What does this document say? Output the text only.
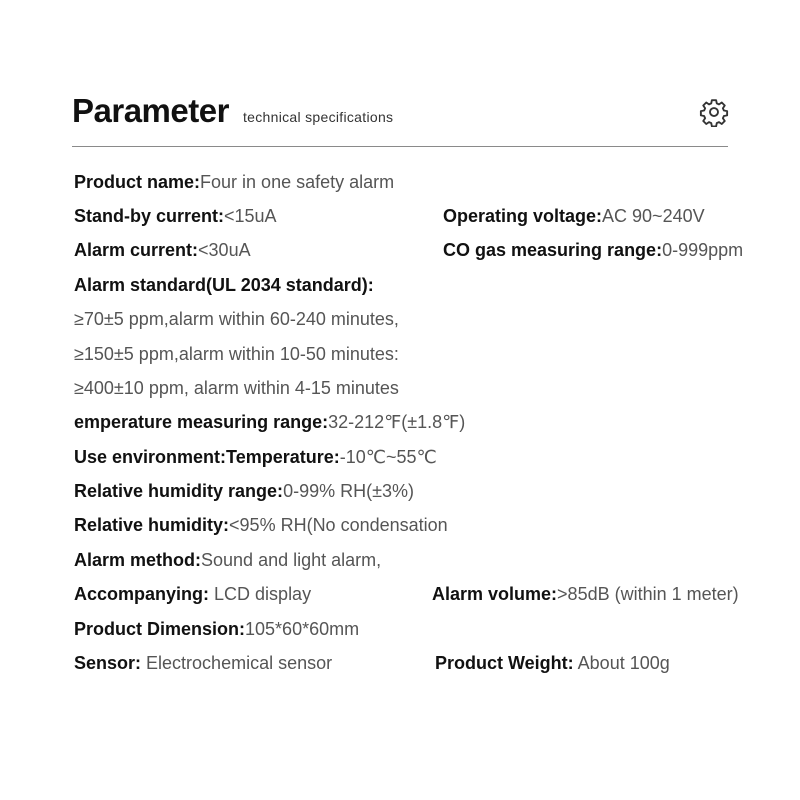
Parameter technical specifications
Product name:Four in one safety alarm
Stand-by current:<15uA	Operating voltage:AC 90~240V
Alarm current:<30uA	CO gas measuring range:0-999ppm
Alarm standard(UL 2034 standard):
≥70±5 ppm,alarm within 60-240 minutes,
≥150±5 ppm,alarm within 10-50 minutes:
≥400±10 ppm, alarm within 4-15 minutes
emperature measuring range:32-212℉(±1.8℉)
Use environment:Temperature:-10℃~55℃
Relative humidity range:0-99% RH(±3%)
Relative humidity:<95% RH(No condensation
Alarm method:Sound and light alarm,
Accompanying: LCD display	Alarm volume:>85dB (within 1 meter)
Product Dimension:105*60*60mm
Sensor: Electrochemical sensor	Product Weight: About 100g
